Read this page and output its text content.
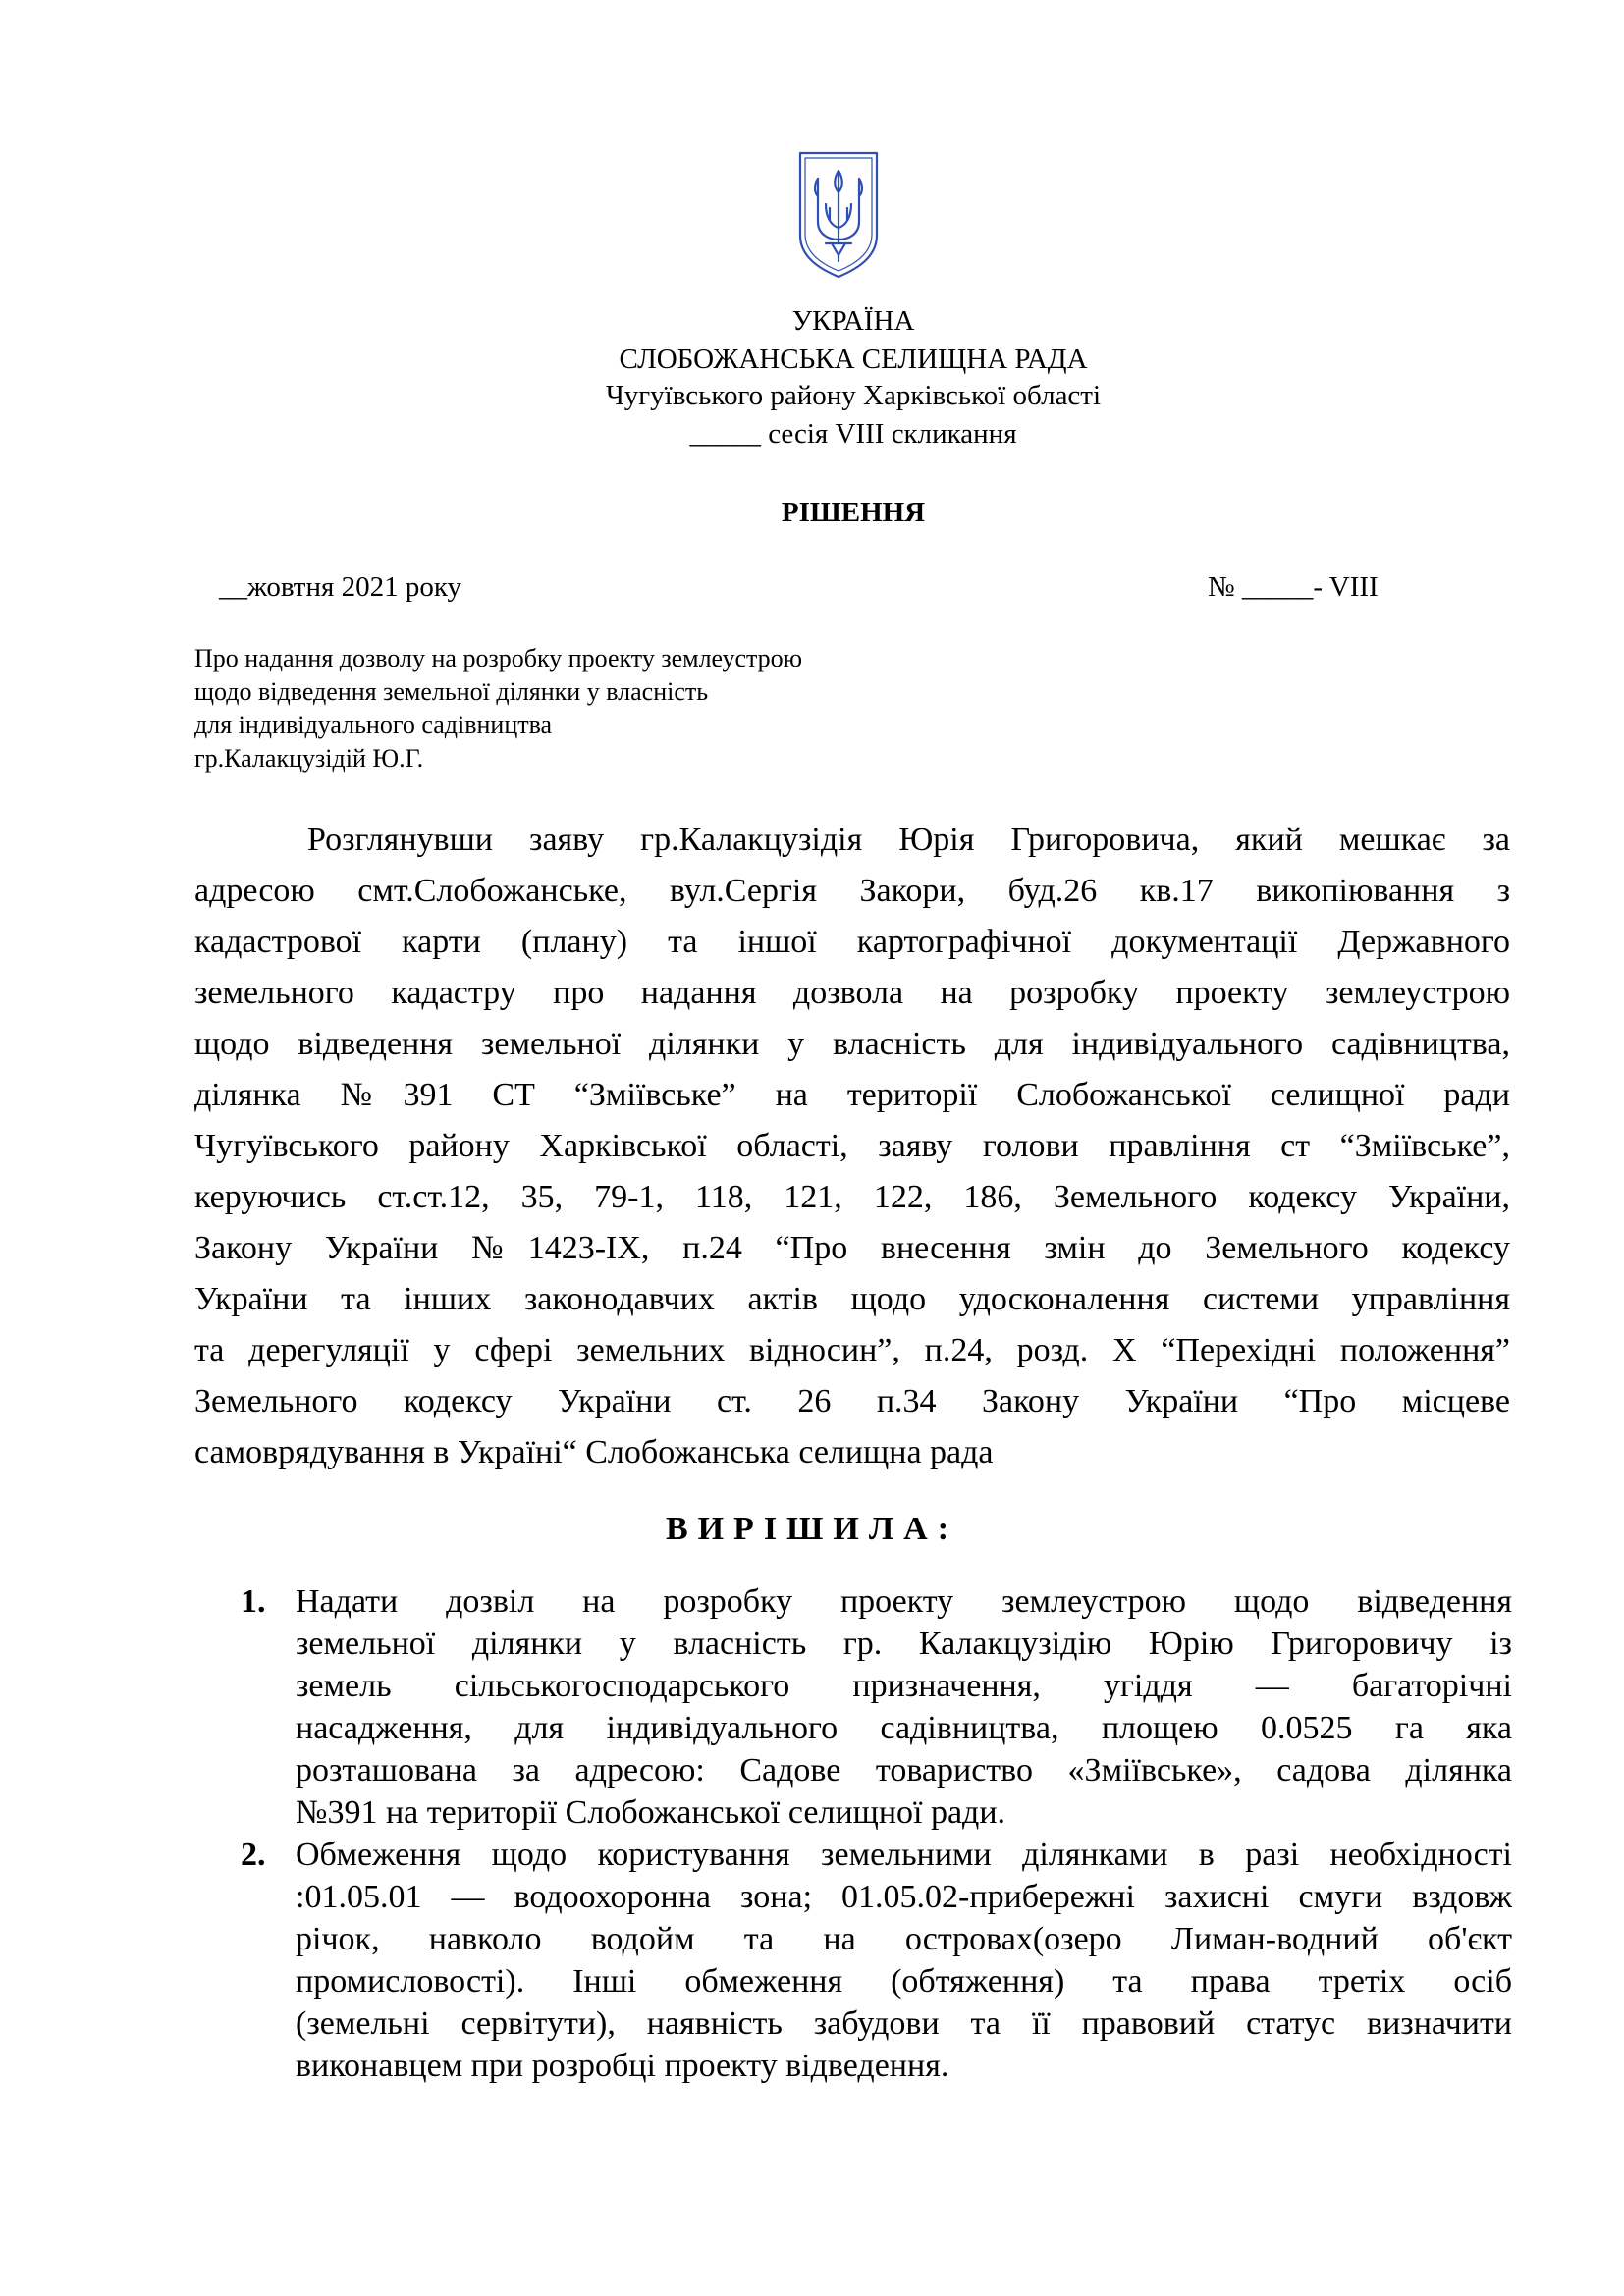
УКРАЇНА
СЛОБОЖАНСЬКА СЕЛИЩНА РАДА
Чугуївського району Харківської області
_____ сесія VIII скликання
РІШЕННЯ
__жовтня 2021 року	№ _____- VIII
Про надання дозволу на розробку проекту землеустрою
щодо відведення земельної ділянки у власність
для індивідуального садівництва
гр.Калакцузідій Ю.Г.
Розглянувши заяву гр.Калакцузідія Юрія Григоровича, який мешкає за
адресою смт.Слобожанське, вул.Сергія Закори, буд.26 кв.17 викопіювання з
кадастрової карти (плану) та іншої картографічної документації Державного
земельного кадастру про надання дозвола на розробку проекту землеустрою
щодо відведення земельної ділянки у власність для індивідуального садівництва,
ділянка №391 СТ “Зміївське” на території Слобожанської селищної ради
Чугуївського району Харківської області, заяву голови правління ст “Зміївське”,
керуючись ст.ст.12, 35, 79-1, 118, 121, 122, 186, Земельного кодексу України,
Закону України №1423-IX, п.24 “Про внесення змін до Земельного кодексу
України та інших законодавчих актів щодо удосконалення системи управління
та дерегуляції у сфері земельних відносин”, п.24, розд. X “Перехідні положення”
Земельного кодексу України ст. 26 п.34 Закону України “Про місцеве
самоврядування в Україні“ Слобожанська селищна рада
ВИРІШИЛА:
1. Надати дозвіл на розробку проекту землеустрою щодо відведення
земельної ділянки у власність гр. Калакцузідію Юрію Григоровичу із
земель сільськогосподарського призначення, угіддя — багаторічні
насадження, для індивідуального садівництва, площею 0.0525 га яка
розташована за адресою: Садове товариство «Зміївське», садова ділянка
№391 на території Слобожанської селищної ради.
2. Обмеження щодо користування земельними ділянками в разі необхідності
:01.05.01 — водоохоронна зона; 01.05.02-прибережні захисні смуги вздовж
річок, навколо водойм та на островах(озеро Лиман-водний об'єкт
промисловості). Інші обмеження (обтяження) та права третіх осіб
(земельні сервітути), наявність забудови та її правовий статус визначити
виконавцем при розробці проекту відведення.
